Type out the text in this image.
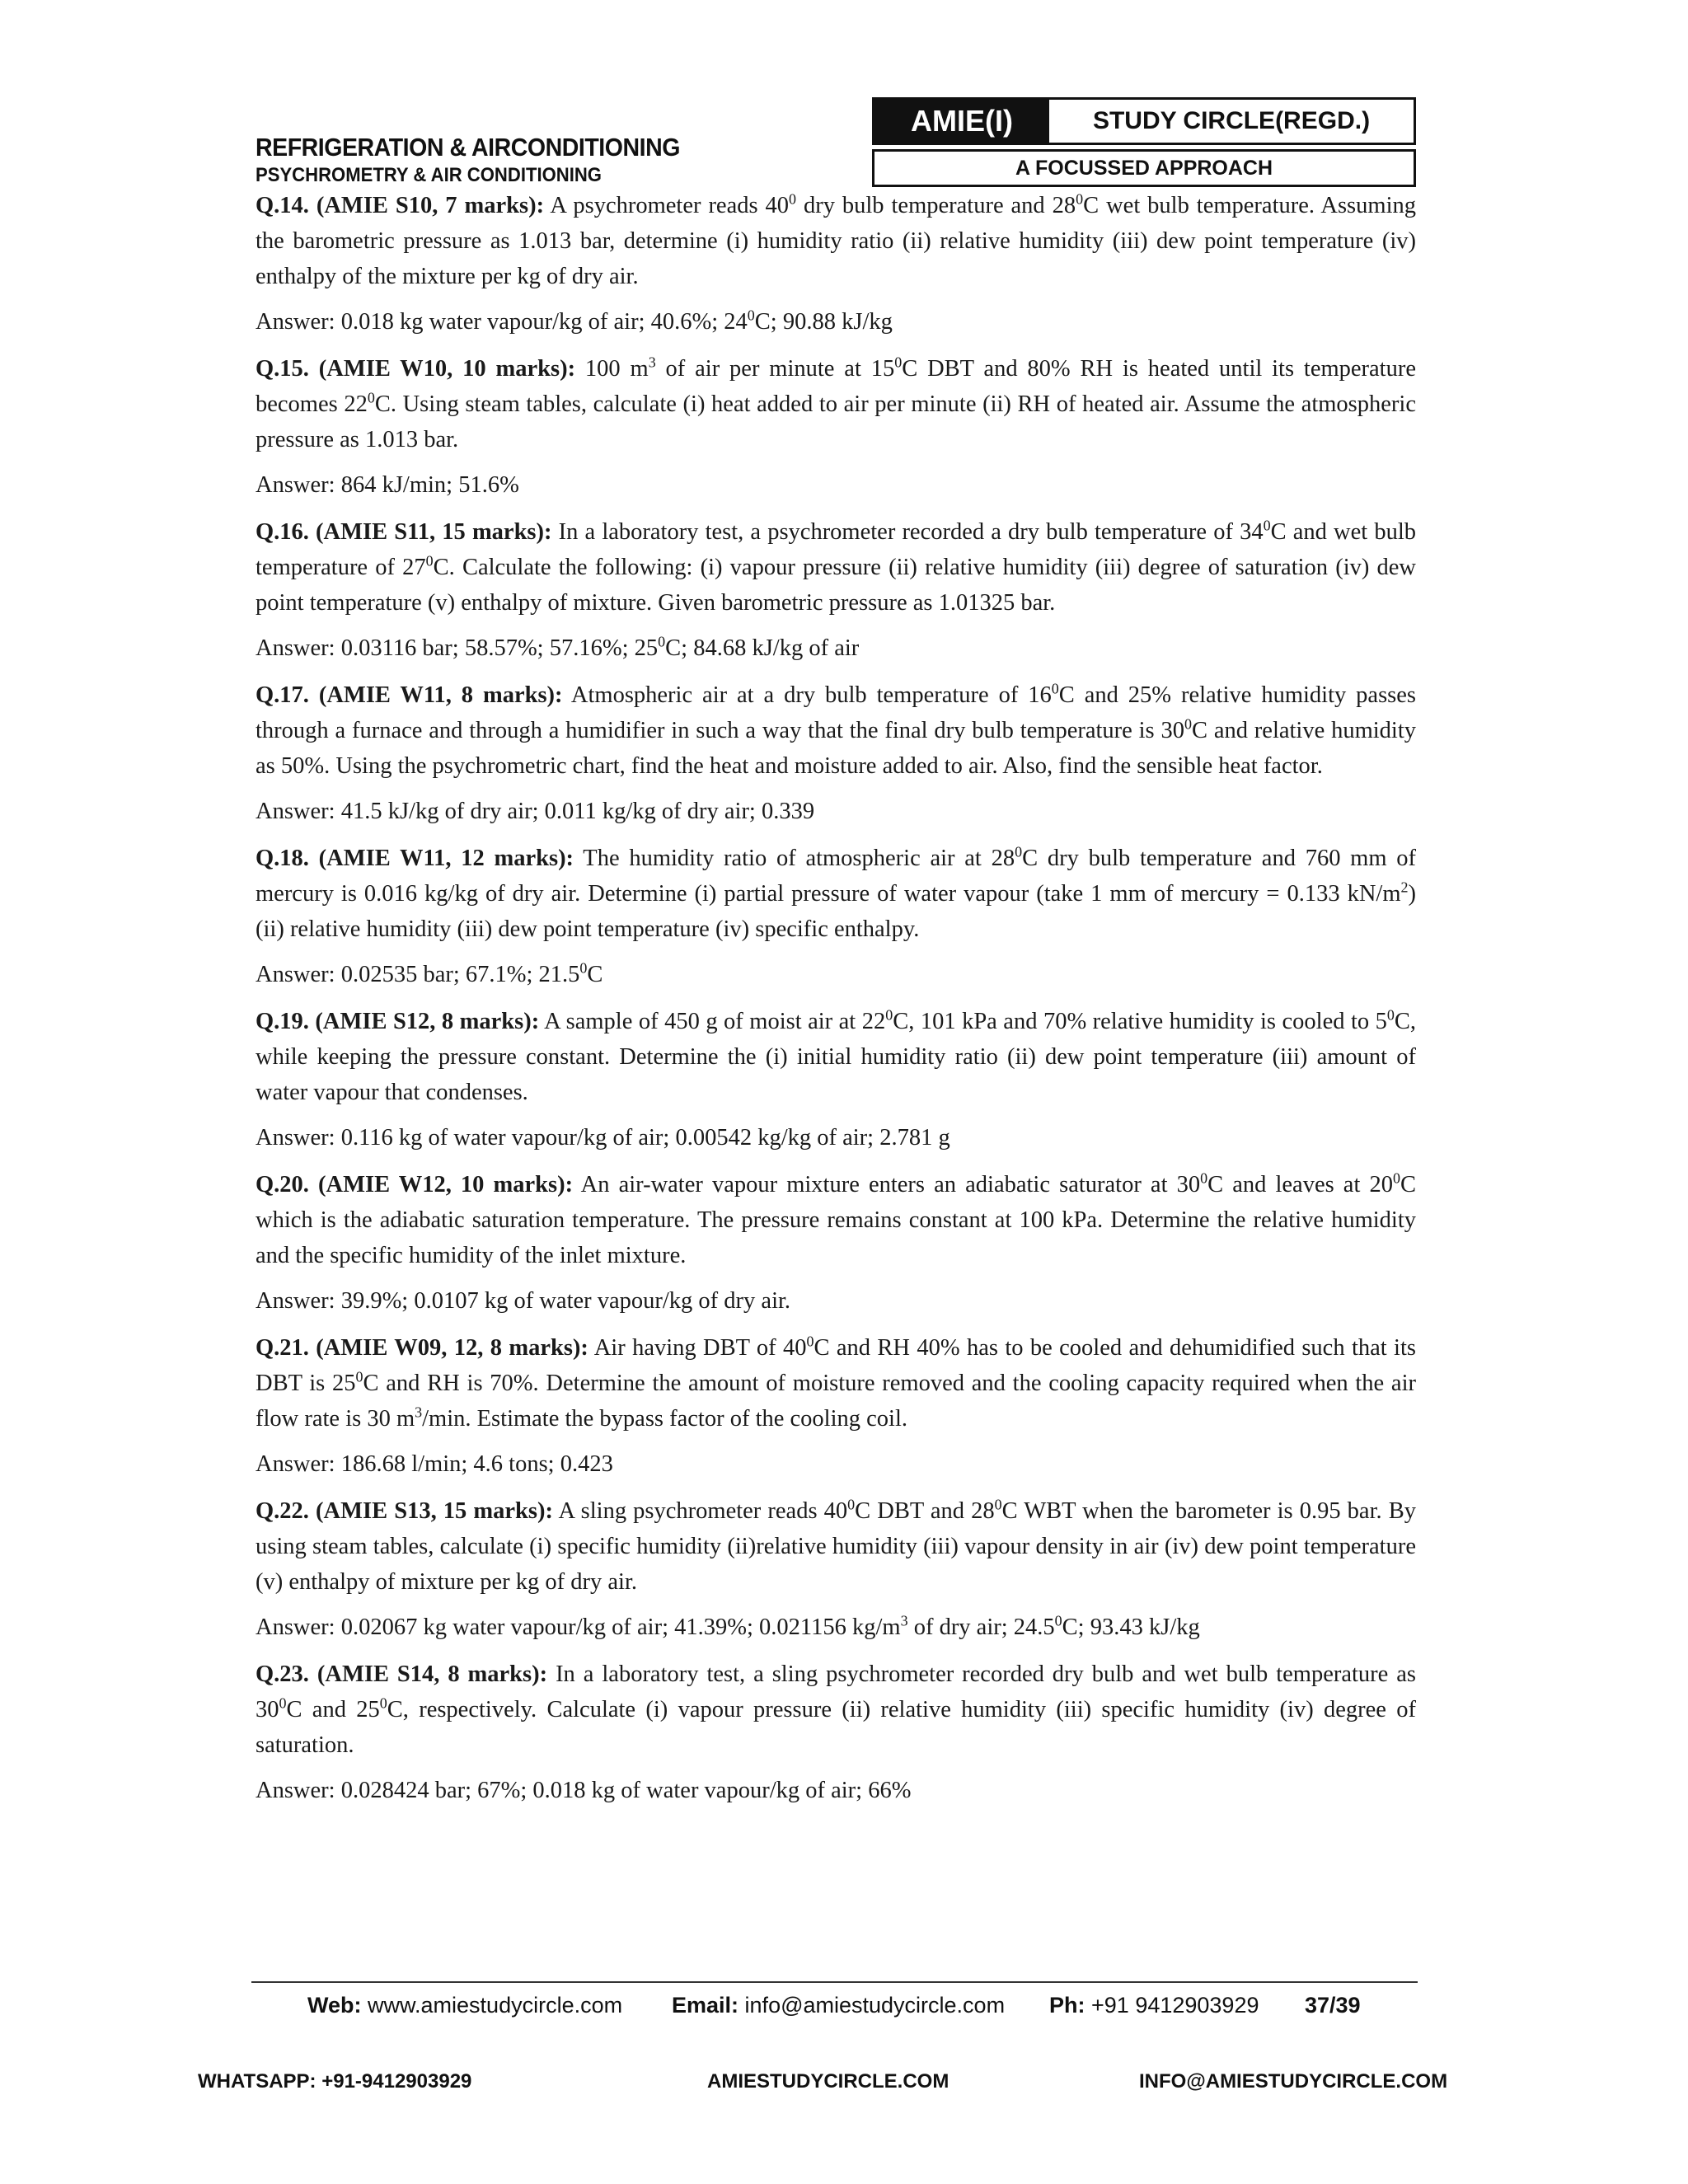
REFRIGERATION & AIRCONDITIONING
PSYCHROMETRY & AIR CONDITIONING
AMIE(I)	STUDY CIRCLE(REGD.)
A FOCUSSED APPROACH

Q.14. (AMIE S10, 7 marks): A psychrometer reads $40^0$ dry bulb temperature and $28^0C$ wet bulb temperature. Assuming the barometric pressure as 1.013 bar, determine (i) humidity ratio (ii) relative humidity (iii) dew point temperature (iv) enthalpy of the mixture per kg of dry air.

Answer: 0.018 kg water vapour/kg of air; 40.6%; $24^0C$; 90.88 kJ/kg

Q.15. (AMIE W10, 10 marks): 100 $m^3$ of air per minute at $15^0C$ DBT and 80% RH is heated until its temperature becomes $22^0C$. Using steam tables, calculate (i) heat added to air per minute (ii) RH of heated air. Assume the atmospheric pressure as 1.013 bar.

Answer: 864 kJ/min; 51.6%

Q.16. (AMIE S11, 15 marks): In a laboratory test, a psychrometer recorded a dry bulb temperature of $34^0C$ and wet bulb temperature of $27^0C$. Calculate the following: (i) vapour pressure (ii) relative humidity (iii) degree of saturation (iv) dew point temperature (v) enthalpy of mixture. Given barometric pressure as 1.01325 bar.

Answer: 0.03116 bar; 58.57%; 57.16%; $25^0C$; 84.68 kJ/kg of air

Q.17. (AMIE W11, 8 marks): Atmospheric air at a dry bulb temperature of $16^0C$ and 25% relative humidity passes through a furnace and through a humidifier in such a way that the final dry bulb temperature is $30^0C$ and relative humidity as 50%. Using the psychrometric chart, find the heat and moisture added to air. Also, find the sensible heat factor.

Answer: 41.5 kJ/kg of dry air; 0.011 kg/kg of dry air; 0.339

Q.18. (AMIE W11, 12 marks): The humidity ratio of atmospheric air at $28^0C$ dry bulb temperature and 760 mm of mercury is 0.016 kg/kg of dry air. Determine (i) partial pressure of water vapour (take 1 mm of mercury = 0.133 $kN/m^2$) (ii) relative humidity (iii) dew point temperature (iv) specific enthalpy.

Answer: 0.02535 bar; 67.1%; 21.5$^0$C

Q.19. (AMIE S12, 8 marks): A sample of 450 g of moist air at $22^0C$, 101 kPa and 70% relative humidity is cooled to $5^0C$, while keeping the pressure constant. Determine the (i) initial humidity ratio (ii) dew point temperature (iii) amount of water vapour that condenses.

Answer: 0.116 kg of water vapour/kg of air; 0.00542 kg/kg of air; 2.781 g

Q.20. (AMIE W12, 10 marks): An air-water vapour mixture enters an adiabatic saturator at $30^0C$ and leaves at $20^0C$ which is the adiabatic saturation temperature. The pressure remains constant at 100 kPa. Determine the relative humidity and the specific humidity of the inlet mixture.

Answer: 39.9%; 0.0107 kg of water vapour/kg of dry air.

Q.21. (AMIE W09, 12, 8 marks): Air having DBT of $40^0C$ and RH 40% has to be cooled and dehumidified such that its DBT is $25^0C$ and RH is 70%. Determine the amount of moisture removed and the cooling capacity required when the air flow rate is 30 $m^3/\min$. Estimate the bypass factor of the cooling coil.

Answer: 186.68 l/min; 4.6 tons; 0.423

Q.22. (AMIE S13, 15 marks): A sling psychrometer reads $40^0C$ DBT and $28^0C$ WBT when the barometer is 0.95 bar. By using steam tables, calculate (i) specific humidity (ii)relative humidity (iii) vapour density in air (iv) dew point temperature (v) enthalpy of mixture per kg of dry air.

Answer: 0.02067 kg water vapour/kg of air; 41.39%; 0.021156 $kg/m^3$ of dry air; 24.5$^0$C; 93.43 kJ/kg

Q.23. (AMIE S14, 8 marks): In a laboratory test, a sling psychrometer recorded dry bulb and wet bulb temperature as $30^0C$ and $25^0C$, respectively. Calculate (i) vapour pressure (ii) relative humidity (iii) specific humidity (iv) degree of saturation.

Answer: 0.028424 bar; 67%; 0.018 kg of water vapour/kg of air; 66%

Web: www.amiestudycircle.com Email: info@amiestudycircle.com Ph: +91 9412903929 37/39
WHATSAPP: +91-9412903929	AMIESTUDYCIRCLE.COM	INFO@AMIESTUDYCIRCLE.COM
